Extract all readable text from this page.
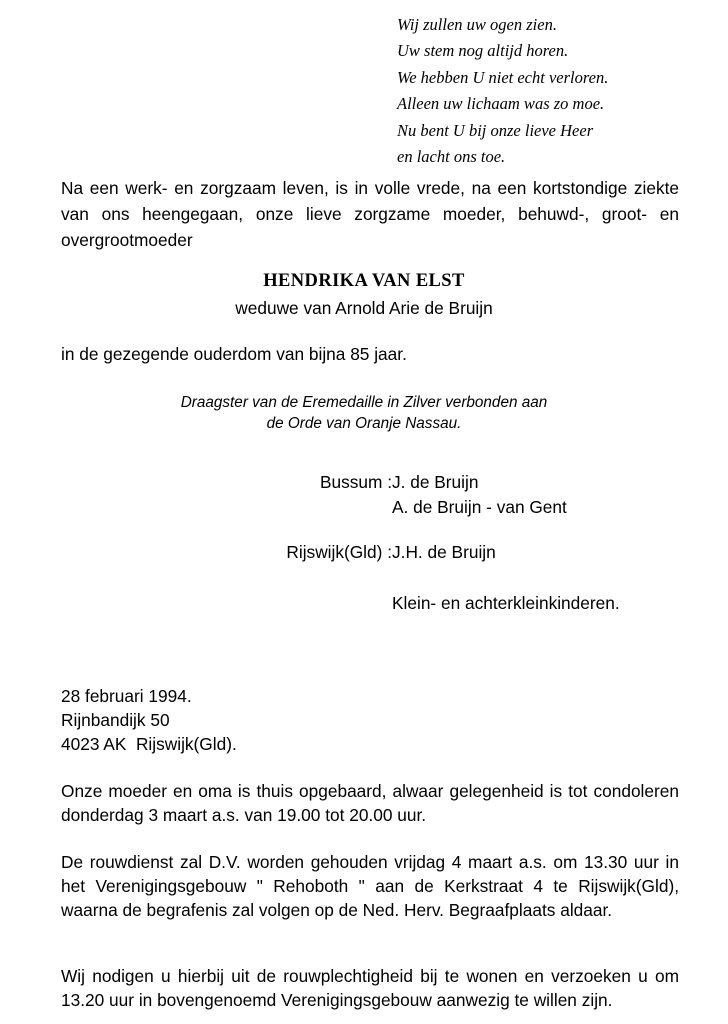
Wij zullen uw ogen zien.
Uw stem nog altijd horen.
We hebben U niet echt verloren.
Alleen uw lichaam was zo moe.
Nu bent U bij onze lieve Heer
en lacht ons toe.
Na een werk- en zorgzaam leven, is in volle vrede, na een kortstondige ziekte van ons heengegaan, onze lieve zorgzame moeder, behuwd-, groot- en overgrootmoeder
HENDRIKA VAN ELST
weduwe van Arnold Arie de Bruijn
in de gezegende ouderdom van bijna 85 jaar.
Draagster van de Eremedaille in Zilver verbonden aan
de Orde van Oranje Nassau.
Bussum : J. de Bruijn
A. de Bruijn - van Gent
Rijswijk(Gld) : J.H. de Bruijn
Klein- en achterkleinkinderen.
28 februari 1994.
Rijnbandijk 50
4023 AK  Rijswijk(Gld).
Onze moeder en oma is thuis opgebaard, alwaar gelegenheid is tot condoleren donderdag 3 maart a.s. van 19.00 tot 20.00 uur.
De rouwdienst zal D.V. worden gehouden vrijdag 4 maart a.s. om 13.30 uur in het Verenigingsgebouw " Rehoboth " aan de Kerkstraat 4 te Rijswijk(Gld), waarna de begrafenis zal volgen op de Ned. Herv. Begraafplaats aldaar.
Wij nodigen u hierbij uit de rouwplechtigheid bij te wonen en verzoeken u om 13.20 uur in bovengenoemd Verenigingsgebouw aanwezig te willen zijn.
